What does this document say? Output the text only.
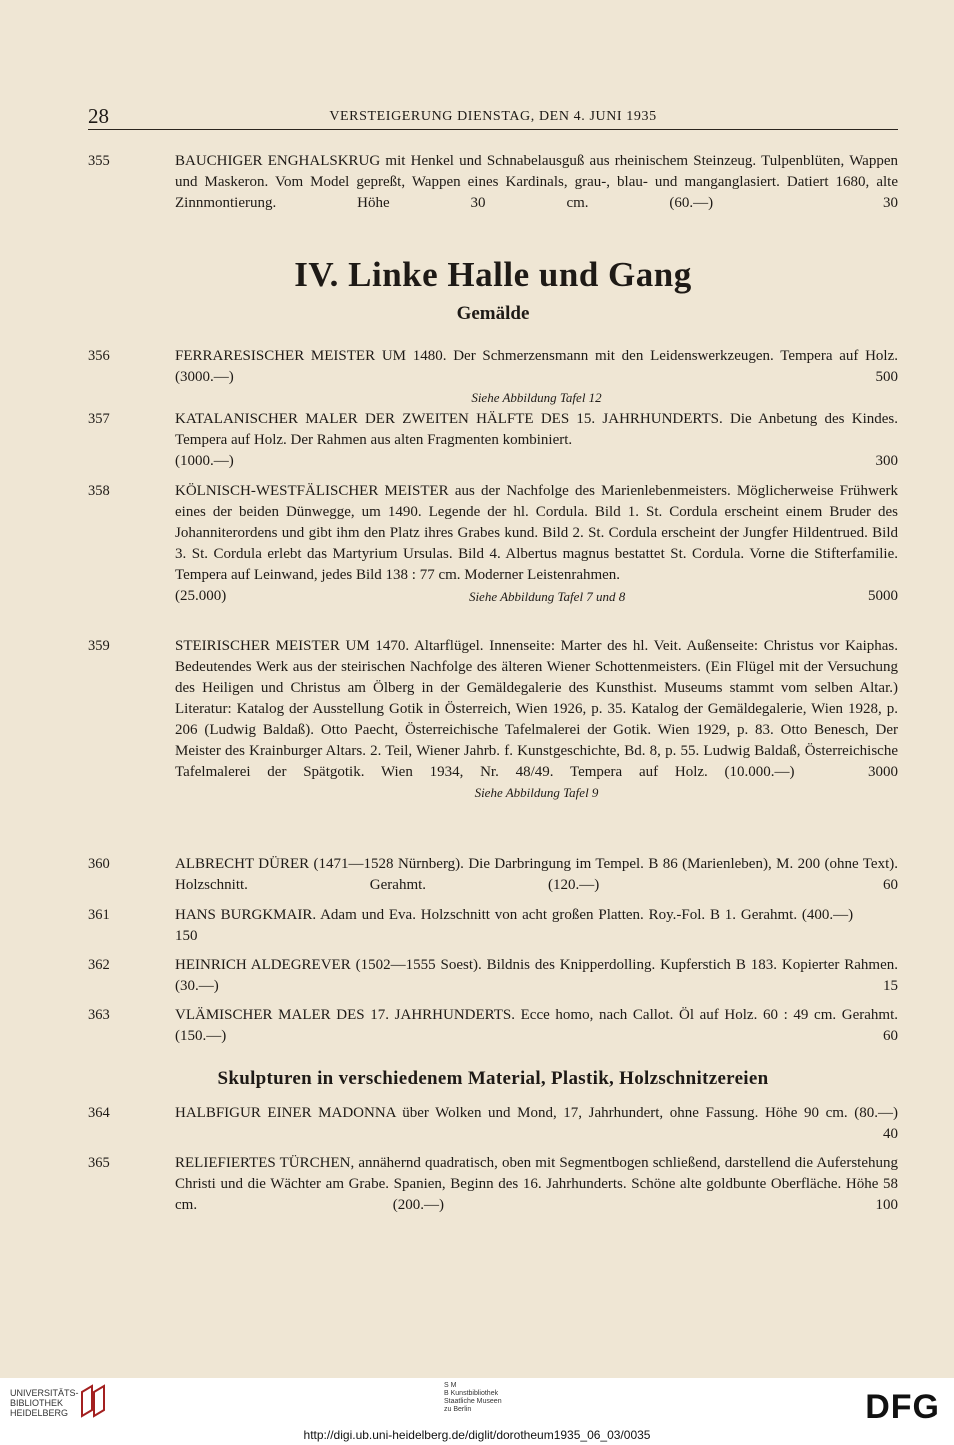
28	VERSTEIGERUNG DIENSTAG, DEN 4. JUNI 1935
355	BAUCHIGER ENGHALSKRUG mit Henkel und Schnabelausguß aus rheinischem Steinzeug. Tulpenblüten, Wappen und Maskeron. Vom Model gepreßt, Wappen eines Kardinals, grau-, blau- und manganglasiert. Datiert 1680, alte Zinnmontierung. Höhe 30 cm. (60.—)	30
IV. Linke Halle und Gang
Gemälde
356	FERRARESISCHER MEISTER UM 1480. Der Schmerzensmann mit den Leidenswerkzeugen. Tempera auf Holz. (3000.—)	500
Siehe Abbildung Tafel 12
357	KATALANISCHER MALER DER ZWEITEN HÄLFTE DES 15. JAHRHUNDERTS. Die Anbetung des Kindes. Tempera auf Holz. Der Rahmen aus alten Fragmenten kombiniert.
(1000.—)	300
358	KÖLNISCH-WESTFÄLISCHER MEISTER aus der Nachfolge des Marienlebenmeisters. Möglicherweise Frühwerk eines der beiden Dünwegge, um 1490. Legende der hl. Cordula. Bild 1. St. Cordula erscheint einem Bruder des Johanniterordens und gibt ihm den Platz ihres Grabes kund. Bild 2. St. Cordula erscheint der Jungfer Hildentrued. Bild 3. St. Cordula erlebt das Martyrium Ursulas. Bild 4. Albertus magnus bestattet St. Cordula. Vorne die Stifterfamilie. Tempera auf Leinwand, jedes Bild 138 : 77 cm. Moderner Leistenrahmen.
(25.000)	Siehe Abbildung Tafel 7 und 8	5000
359	STEIRISCHER MEISTER UM 1470. Altarflügel. Innenseite: Marter des hl. Veit. Außenseite: Christus vor Kaiphas. Bedeutendes Werk aus der steirischen Nachfolge des älteren Wiener Schottenmeisters. (Ein Flügel mit der Versuchung des Heiligen und Christus am Ölberg in der Gemäldegalerie des Kunsthist. Museums stammt vom selben Altar.) Literatur: Katalog der Ausstellung Gotik in Österreich, Wien 1926, p. 35. Katalog der Gemäldegalerie, Wien 1928, p. 206 (Ludwig Baldaß). Otto Paecht, Österreichische Tafelmalerei der Gotik. Wien 1929, p. 83. Otto Benesch, Der Meister des Krainburger Altars. 2. Teil, Wiener Jahrb. f. Kunstgeschichte, Bd. 8, p. 55. Ludwig Baldaß, Österreichische Tafelmalerei der Spätgotik. Wien 1934, Nr. 48/49. Tempera auf Holz. (10.000.—)	3000
Siehe Abbildung Tafel 9
360	ALBRECHT DÜRER (1471—1528 Nürnberg). Die Darbringung im Tempel. B 86 (Marienleben), M. 200 (ohne Text). Holzschnitt. Gerahmt. (120.—)	60
361	HANS BURGKMAIR. Adam und Eva. Holzschnitt von acht großen Platten. Roy.-Fol. B 1. Gerahmt. (400.—)  150
362	HEINRICH ALDEGREVER (1502—1555 Soest). Bildnis des Knipperdolling. Kupferstich B 183. Kopierter Rahmen. (30.—)	15
363	VLÄMISCHER MALER DES 17. JAHRHUNDERTS. Ecce homo, nach Callot. Öl auf Holz. 60 : 49 cm. Gerahmt. (150.—)	60
Skulpturen in verschiedenem Material, Plastik, Holzschnitzereien
364	HALBFIGUR EINER MADONNA über Wolken und Mond, 17, Jahrhundert, ohne Fassung. Höhe 90 cm. (80.—)  40
365	RELIEFIERTES TÜRCHEN, annähernd quadratisch, oben mit Segmentbogen schließend, darstellend die Auferstehung Christi und die Wächter am Grabe. Spanien, Beginn des 16. Jahrhunderts. Schöne alte goldbunte Oberfläche. Höhe 58 cm. (200.—)	100
UNIVERSITÄTS-
BIBLIOTHEK
HEIDELBERG
S M
B Kunstbibliothek
Staatliche Museen
zu Berlin	DFG
http://digi.ub.uni-heidelberg.de/diglit/dorotheum1935_06_03/0035
